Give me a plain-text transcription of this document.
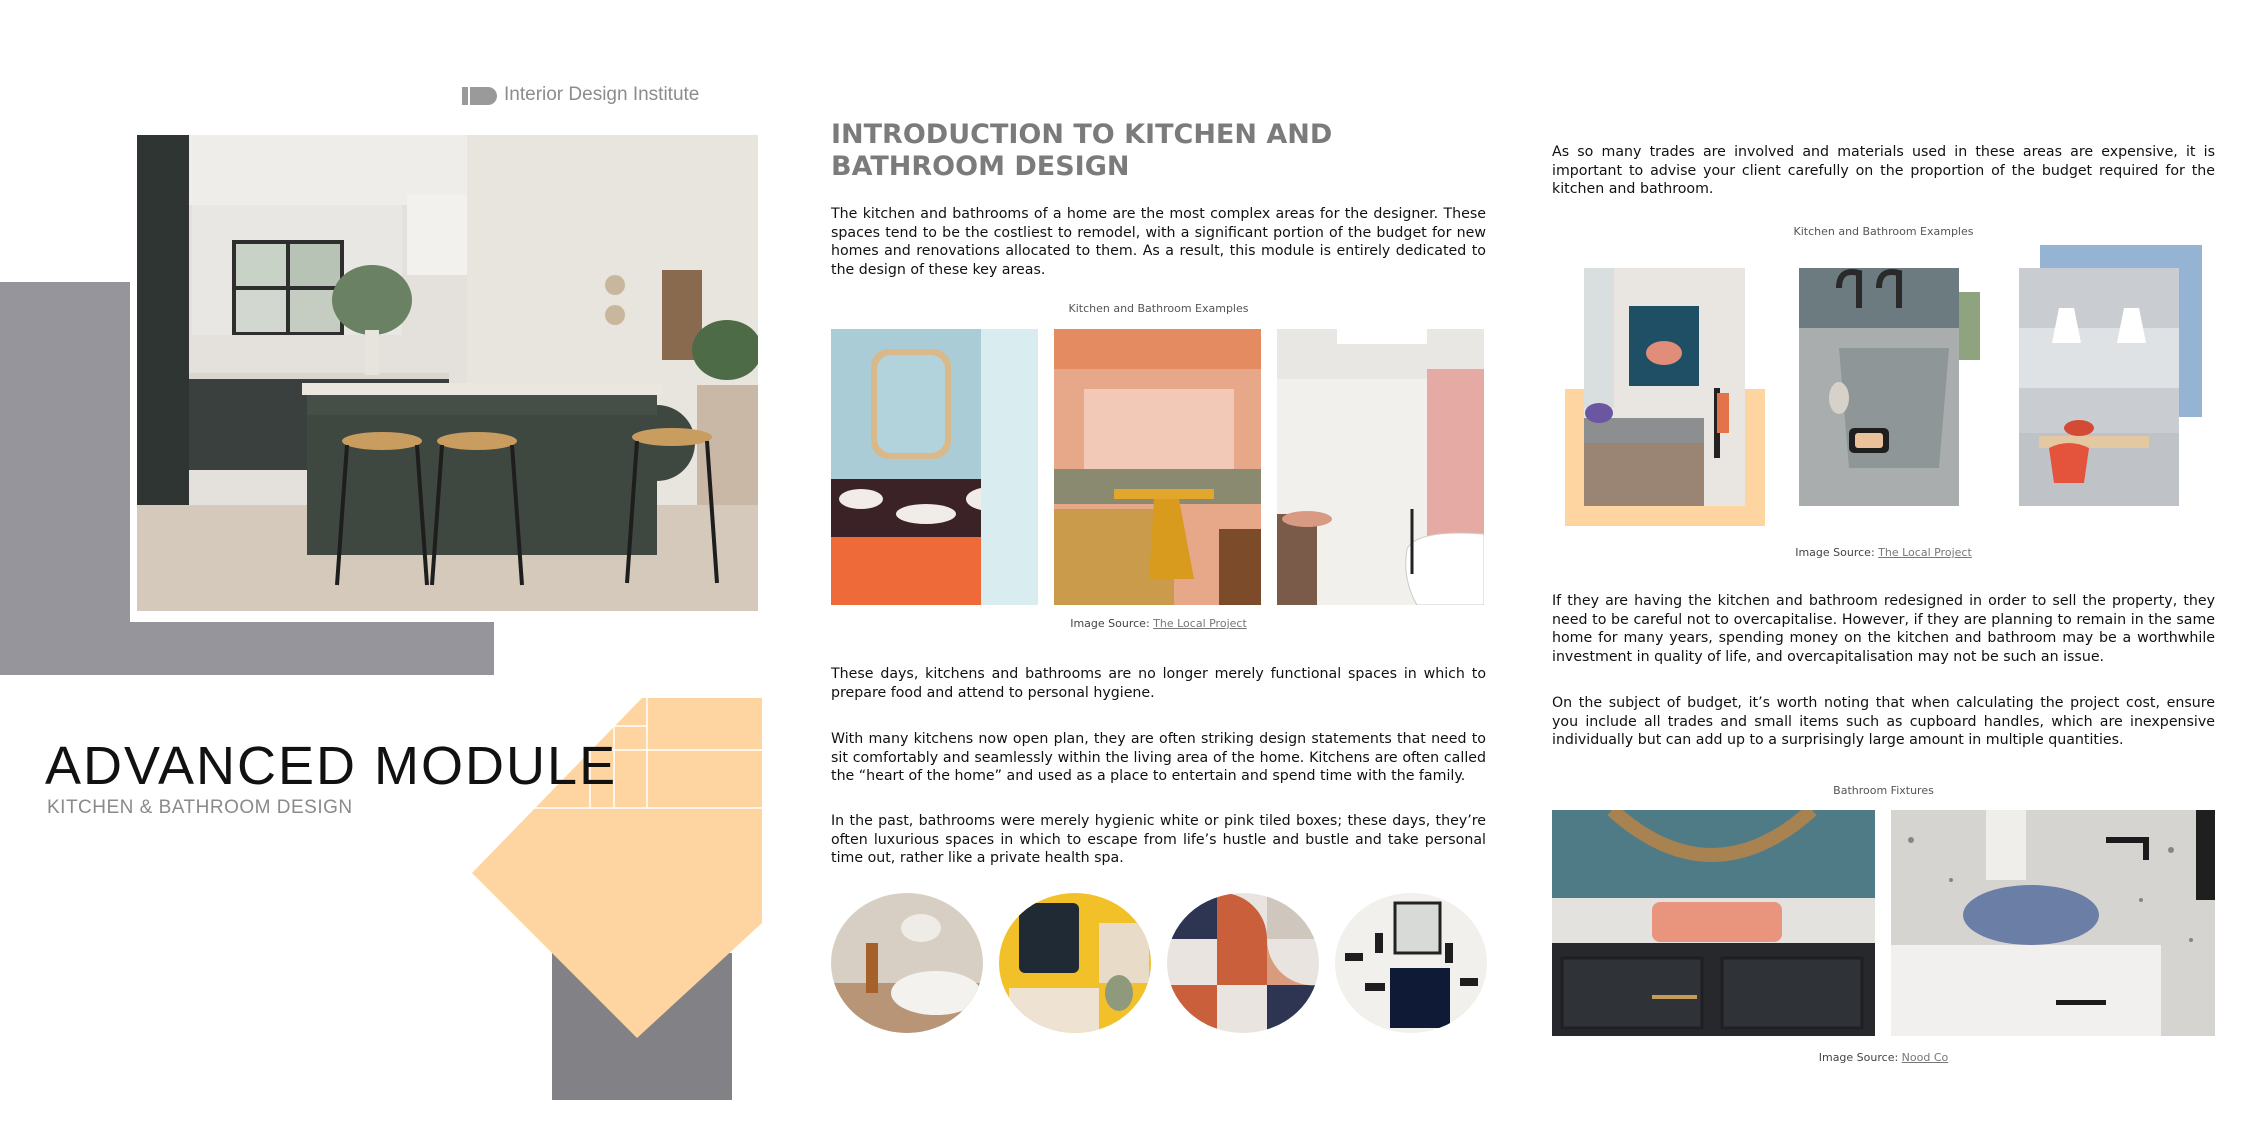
Interior Design Institute
ADVANCED MODULE
KITCHEN & BATHROOM DESIGN
INTRODUCTION TO KITCHEN AND BATHROOM DESIGN
The kitchen and bathrooms of a home are the most complex areas for the designer. These spaces tend to be the costliest to remodel, with a significant portion of the budget for new homes and renovations allocated to them. As a result, this module is entirely dedicated to the design of these key areas.
Kitchen and Bathroom Examples
Image Source: The Local Project
These days, kitchens and bathrooms are no longer merely functional spaces in which to prepare food and attend to personal hygiene.
With many kitchens now open plan, they are often striking design statements that need to sit comfortably and seamlessly within the living area of the home. Kitchens are often called the “heart of the home” and used as a place to entertain and spend time with the family.
In the past, bathrooms were merely hygienic white or pink tiled boxes; these days, they’re often luxurious spaces in which to escape from life’s hustle and bustle and take personal time out, rather like a private health spa.
As so many trades are involved and materials used in these areas are expensive, it is important to advise your client carefully on the proportion of the budget required for the kitchen and bathroom.
Kitchen and Bathroom Examples
Image Source: The Local Project
If they are having the kitchen and bathroom redesigned in order to sell the property, they need to be careful not to overcapitalise. However, if they are planning to remain in the same home for many years, spending money on the kitchen and bathroom may be a worthwhile investment in quality of life, and overcapitalisation may not be such an issue.
On the subject of budget, it’s worth noting that when calculating the project cost, ensure you include all trades and small items such as cupboard handles, which are inexpensive individually but can add up to a surprisingly large amount in multiple quantities.
Bathroom Fixtures
Image Source: Nood Co
